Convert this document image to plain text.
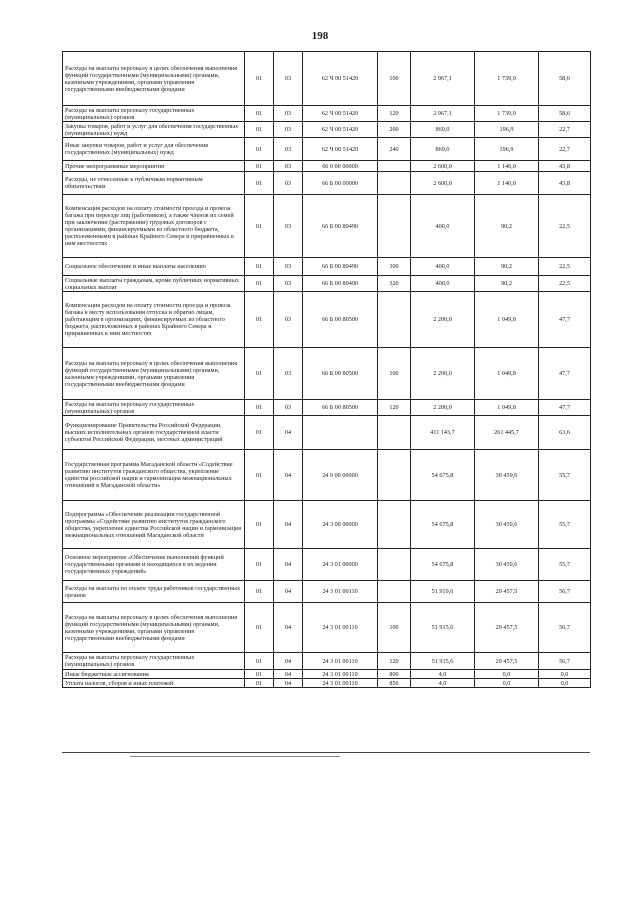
198
Расходы на выплаты персоналу в целях обеспечения выполнения функций государственными (муниципальными) органами, казенными учреждениями, органами управления государственными внебюджетными фондами	01	03	62 Ч 00 51420	100	2 967,1	1 739,0	58,6
Расходы на выплаты персоналу государственных (муниципальных) органов	01	03	62 Ч 00 51420	120	2 967,1	1 739,0	58,6
Закупка товаров, работ и услуг для обеспечения государственных (муниципальных) нужд	01	03	62 Ч 00 51420	200	869,0	196,9	22,7
Иные закупки товаров, работ и услуг для обеспечения государственных (муниципальных) нужд	01	03	62 Ч 00 51420	240	869,0	196,9	22,7
Прочие непрограммные мероприятия	01	03	66 0 00 00000		2 600,0	1 140,0	43,8
Расходы, не отнесенные к публичным нормативным обязательствам	01	03	66 Б 00 00000		2 600,0	1 140,0	43,8
Компенсация расходов на оплату стоимости проезда и провоза багажа при переезде лиц (работников), а также членов их семей при заключении (расторжении) трудовых договоров с организациями, финансируемыми из областного бюджета, расположенными в районах Крайнего Севера и приравненных к ним местностях	01	03	66 Б 00 80490		400,0	90,2	22,5
Социальное обеспечение и иные выплаты населению	01	03	66 Б 00 80490	300	400,0	90,2	22,5
Социальные выплаты гражданам, кроме публичных нормативных социальных выплат	01	03	66 Б 00 80490	320	400,0	90,2	22,5
Компенсация расходов на оплату стоимости проезда и провоза багажа к месту использования отпуска и обратно лицам, работающим в организациях, финансируемых из областного бюджета, расположенных в районах Крайнего Севера и приравненных к ним местностях	01	03	66 Б 00 80500		2 200,0	1 049,8	47,7
Расходы на выплаты персоналу в целях обеспечения выполнения функций государственными (муниципальными) органами, казенными учреждениями, органами управления государственными внебюджетными фондами	01	03	66 Б 00 80500	100	2 200,0	1 049,8	47,7
Расходы на выплаты персоналу государственных (муниципальных) органов	01	03	66 Б 00 80500	120	2 200,0	1 049,8	47,7
Функционирование Правительства Российской Федерации, высших исполнительных органов государственной власти субъектов Российской Федерации, местных администраций	01	04			411 143,7	261 445,7	63,6
Государственная программа Магаданской области «Содействие развитию институтов гражданского общества, укрепление единства российской нации и гармонизация межнациональных отношений в Магаданской области»	01	04	24 0 00 00000		54 675,8	30 459,6	55,7
Подпрограмма «Обеспечение реализации государственной программы «Содействие развитию институтов гражданского общества, укрепление единства Российской нации и гармонизация межнациональных отношений Магаданской области	01	04	24 3 00 00000		54 675,8	30 459,6	55,7
Основное мероприятие «Обеспечение выполнения функций государственными органами и находящихся в их ведении государственных учреждений»	01	04	24 3 01 00000		54 675,8	30 459,6	55,7
Расходы на выплаты по оплате труда работников государственных органов	01	04	24 3 01 00110		51 919,6	29 457,5	56,7
Расходы на выплаты персоналу в целях обеспечения выполнения функций государственными (муниципальными) органами, казенными учреждениями, органами управления государственными внебюджетными фондами	01	04	24 3 01 00110	100	51 915,6	29 457,5	56,7
Расходы на выплаты персоналу государственных (муниципальных) органов	01	04	24 3 01 00110	120	51 915,6	29 457,5	56,7
Иные бюджетные ассигнования	01	04	24 3 01 00110	800	4,0	0,0	0,0
Уплата налогов, сборов и иных платежей	01	04	24 3 01 00110	850	4,0	0,0	0,0
